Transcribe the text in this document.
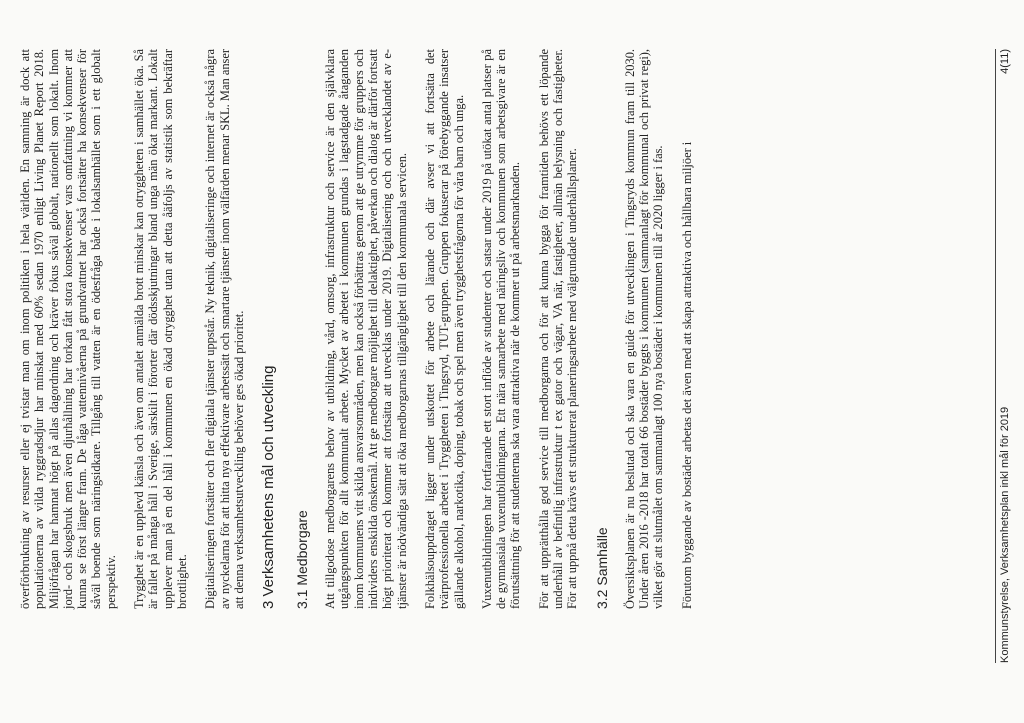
överförbrukning av resurser eller ej tvistar man om inom politiken i hela världen. En samning är dock att populationerna av vilda ryggradsdjur har minskat med 60% sedan 1970 enligt Living Planet Report 2018. Miljöfrågan har hamnat högt på allas dagordning och kräver fokus såväl globalt, nationellt som lokalt. Inom jord- och skogsbruk men även djurhållning har torkan fått stora konsekvenser vars omfattning vi kommer att kunna se först längre fram. De låga vattennivåerna på grundvattnet har också fortsätter ha konsekvenser för såväl boende som näringsidkare. Tillgång till vatten är en ödesfråga både i lokalsamhället som i ett globalt perspektiv. Trygghet är en upplevd känsla och även om antalet anmälda brott minskar kan otryggheten i samhället öka. Så är fallet på många håll i Sverige, särskilt i förorter där dödsskjutningar bland unga män ökat markant. Lokalt upplever man på en del håll i kommunen en ökad otrygghet utan att detta åäfoljs av statistik som bekräftar brottlighet. Digitaliseringen fortsätter och fler digitala tjänster uppstår. Ny teknik, digitaliseringe och internet är också några av nyckelarna för att hitta nya effektivare arbetssätt och smartare tjänster inom välfärden menar SKL. Man anser att denna verksamhetsutveckling behöver ges ökad prioritet. 3 Verksamhetens mål och utveckling 3.1 Medborgare Att tillgodose medborgarens behov av utbildning, vård, omsorg, infrastruktur och service är den självklara utgångspunkten för allt kommunalt arbete. Mycket av arbetet i kommunen grundas i lagstadgade åtaganden inom kommunens vitt skilda ansvarsområden, men kan också förbättras genom att ge utrymme för gruppers och individers enskilda önskemål. Att ge medborgare möjlighet till delaktighet, påverkan och dialog är därför fortsatt högt prioriterat och kommer att fortsätta att utvecklas under 2019. Digitalisering och och utvecklandet av e-tjänster är nödvändiga sätt att öka medborgarnas tillgänglighet till den kommunala servicen. Folkhälsouppdraget ligger under utskottet för arbete och lärande och där avser vi att fortsätta det tvärprofessionella arbetet i Tryggheten i Tingsryd, TUT-gruppen. Gruppen fokuserar på förebyggande insatser gällande alkohol, narkotika, doping, tobak och spel men även trygghetsfrågorna för våra barn och unga. Vuxenutbildningen har fortfarande ett stort inflöde av studenter och satsar under 2019 på utökat antal platser på de gymnasiala vuxenutbildningarna. Ett nära samarbete med näringsliv och kommunen som arbetsgivare är en förutsättning för att studenterna ska vara attraktiva när de kommer ut på arbetsmarknaden. För att upprätthålla god service till medborgarna och för att kunna bygga för framtiden behövs ett löpande underhåll av befintlig infrastruktur t ex gator och vägar, VA när, fastigheter, allmän belysning och fastigheter. För att uppnå detta krävs ett strukturerat planeringsarbete med välgrundade underhållsplaner. 3.2 Samhälle Översiktsplanen är nu beslutad och ska vara en guide för utvecklingen i Tingsryds kommun fram till 2030. Under åren 2016 -2018 har totalt 66 bostäder byggts i kommunen (sammanlagt för kommunal och privat regi), vilket gör att slutmålet om sammanlagt 100 nya bostäder i kommunen till år 2020 ligger i fas. Förutom byggande av bostäder arbetas det även med att skapa attraktiva och hållbara miljöer i	Kommunstyrelse, Verksamhetsplan inkl mål för 2019
4(11)
